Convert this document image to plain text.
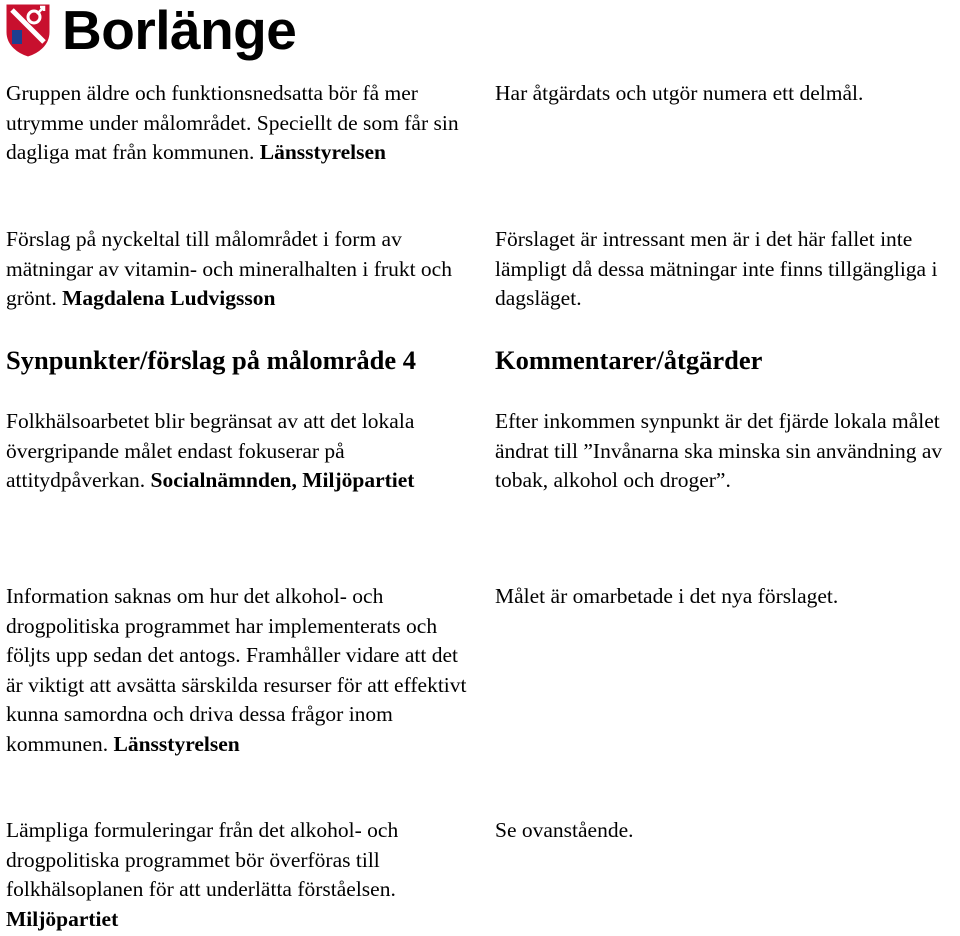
Borlänge
Gruppen äldre och funktionsnedsatta bör få mer utrymme under målområdet. Speciellt de som får sin dagliga mat från kommunen. Länsstyrelsen
Har åtgärdats och utgör numera ett delmål.
Förslag på nyckeltal till målområdet i form av mätningar av vitamin- och mineralhalten i frukt och grönt. Magdalena Ludvigsson
Förslaget är intressant men är i det här fallet inte lämpligt då dessa mätningar inte finns tillgängliga i dagsläget.
Synpunkter/förslag på målområde 4	Kommentarer/åtgärder
Folkhälsoarbetet blir begränsat av att det lokala övergripande målet endast fokuserar på attitydpåverkan. Socialnämnden, Miljöpartiet
Efter inkommen synpunkt är det fjärde lokala målet ändrat till ”Invånarna ska minska sin användning av tobak, alkohol och droger”.
Information saknas om hur det alkohol- och drogpolitiska programmet har implementerats och följts upp sedan det antogs. Framhåller vidare att det är viktigt att avsätta särskilda resurser för att effektivt kunna samordna och driva dessa frågor inom kommunen. Länsstyrelsen
Målet är omarbetade i det nya förslaget.
Lämpliga formuleringar från det alkohol- och drogpolitiska programmet bör överföras till folkhälsoplanen för att underlätta förståelsen. Miljöpartiet
Se ovanstående.
